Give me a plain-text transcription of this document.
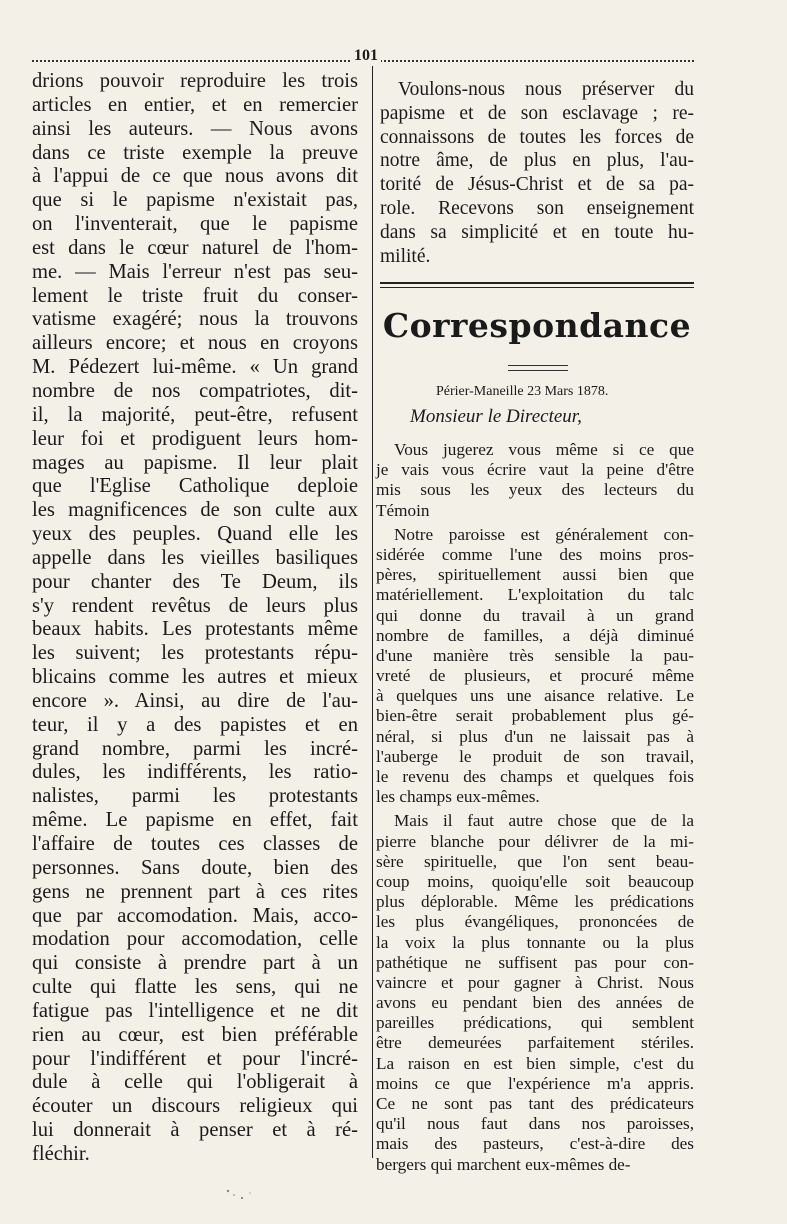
101
drions pouvoir reproduire les trois
articles en entier, et en remercier
ainsi les auteurs. — Nous avons
dans ce triste exemple la preuve
à l'appui de ce que nous avons dit
que si le papisme n'existait pas,
on l'inventerait, que le papisme
est dans le cœur naturel de l'hom-
me. — Mais l'erreur n'est pas seu-
lement le triste fruit du conser-
vatisme exagéré; nous la trouvons
ailleurs encore; et nous en croyons
M. Pédezert lui-même. « Un grand
nombre de nos compatriotes, dit-
il, la majorité, peut-être, refusent
leur foi et prodiguent leurs hom-
mages au papisme. Il leur plait
que l'Eglise Catholique deploie
les magnificences de son culte aux
yeux des peuples. Quand elle les
appelle dans les vieilles basiliques
pour chanter des Te Deum, ils
s'y rendent revêtus de leurs plus
beaux habits. Les protestants même
les suivent; les protestants répu-
blicains comme les autres et mieux
encore ». Ainsi, au dire de l'au-
teur, il y a des papistes et en
grand nombre, parmi les incré-
dules, les indifférents, les ratio-
nalistes, parmi les protestants
même. Le papisme en effet, fait
l'affaire de toutes ces classes de
personnes. Sans doute, bien des
gens ne prennent part à ces rites
que par accomodation. Mais, acco-
modation pour accomodation, celle
qui consiste à prendre part à un
culte qui flatte les sens, qui ne
fatigue pas l'intelligence et ne dit
rien au cœur, est bien préférable
pour l'indifférent et pour l'incré-
dule à celle qui l'obligerait à
écouter un discours religieux qui
lui donnerait à penser et à ré-
fléchir.
Voulons-nous nous préserver du
papisme et de son esclavage ; re-
connaissons de toutes les forces de
notre âme, de plus en plus, l'au-
torité de Jésus-Christ et de sa pa-
role. Recevons son enseignement
dans sa simplicité et en toute hu-
milité.
Correspondance
Périer-Maneille 23 Mars 1878.
Monsieur le Directeur,
Vous jugerez vous même si ce que
je vais vous écrire vaut la peine d'être
mis sous les yeux des lecteurs du
Témoin
Notre paroisse est généralement con-
sidérée comme l'une des moins pros-
pères, spirituellement aussi bien que
matériellement. L'exploitation du talc
qui donne du travail à un grand
nombre de familles, a déjà diminué
d'une manière très sensible la pau-
vreté de plusieurs, et procuré même
à quelques uns une aisance relative. Le
bien-être serait probablement plus gé-
néral, si plus d'un ne laissait pas à
l'auberge le produit de son travail,
le revenu des champs et quelques fois
les champs eux-mêmes.
Mais il faut autre chose que de la
pierre blanche pour délivrer de la mi-
sère spirituelle, que l'on sent beau-
coup moins, quoiqu'elle soit beaucoup
plus déplorable. Même les prédications
les plus évangéliques, prononcées de
la voix la plus tonnante ou la plus
pathétique ne suffisent pas pour con-
vaincre et pour gagner à Christ. Nous
avons eu pendant bien des années de
pareilles prédications, qui semblent
être demeurées parfaitement stériles.
La raison en est bien simple, c'est du
moins ce que l'expérience m'a appris.
Ce ne sont pas tant des prédicateurs
qu'il nous faut dans nos paroisses,
mais des pasteurs, c'est-à-dire des
bergers qui marchent eux-mêmes de-
